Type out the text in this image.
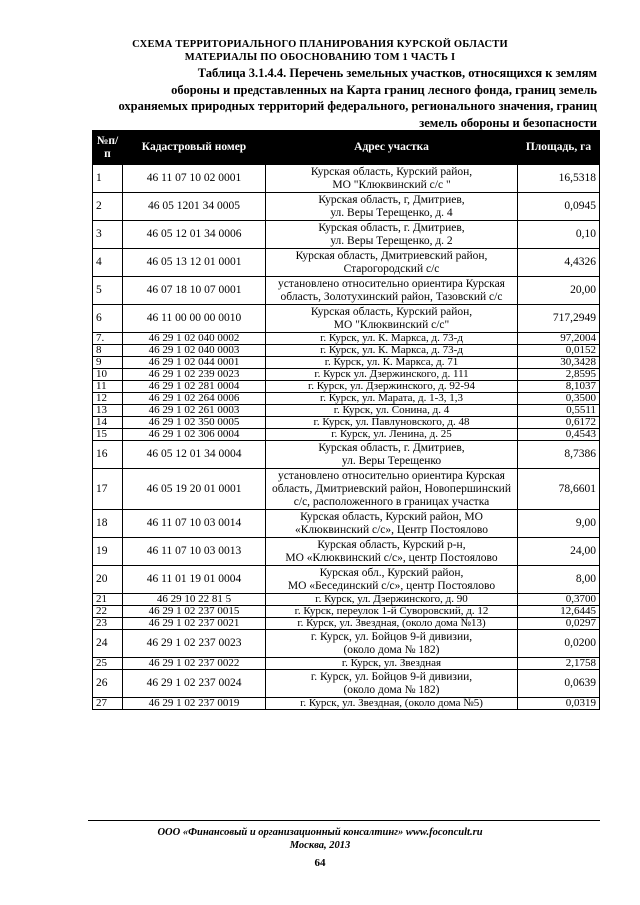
СХЕМА ТЕРРИТОРИАЛЬНОГО ПЛАНИРОВАНИЯ КУРСКОЙ ОБЛАСТИ
МАТЕРИАЛЫ ПО ОБОСНОВАНИЮ ТОМ 1 ЧАСТЬ I
Таблица 3.1.4.4. Перечень земельных участков, относящихся к землям
обороны и представленных на Карта границ лесного фонда, границ земель
охраняемых природных территорий федерального, регионального значения, границ
земель обороны и безопасности
№п/п	Кадастровый номер	Адрес участка	Площадь, га
1	46 11 07 10 02 0001	Курская область, Курский район,
МО "Клюквинский с/с "	16,5318
2	46 05 1201 34 0005	Курская область, г, Дмитриев,
ул. Веры Терещенко, д. 4	0,0945
3	46 05 12 01 34 0006	Курская область, г. Дмитриев,
ул. Веры Терещенко, д. 2	0,10
4	46 05 13 12 01 0001	Курская область, Дмитриевский район,
Старогородский с/с	4,4326
5	46 07 18 10 07 0001	установлено относительно ориентира Курская
область, Золотухинский район, Тазовский с/с	20,00
6	46 11 00 00 00 0010	Курская область, Курский район,
МО "Клюквинский с/с"	717,2949
7.	46 29 1 02 040 0002	г. Курск, ул. К. Маркса, д. 73-д	97,2004
8	46 29 1 02 040 0003	г. Курск, ул. К. Маркса, д. 73-д	0,0152
9	46 29 1 02 044 0001	г. Курск, ул. К. Маркса, д. 71	30,3428
10	46 29 1 02 239 0023	г. Курск ул. Дзержинского, д. 111	2,8595
11	46 29 1 02 281 0004	г. Курск, ул. Дзержинского, д. 92-94	8,1037
12	46 29 1 02 264 0006	г. Курск, ул. Марата, д. 1-3, 1,3	0,3500
13	46 29 1 02 261 0003	г. Курск, ул. Сонина, д. 4	0,5511
14	46 29 1 02 350 0005	г. Курск, ул. Павлуновского, д. 48	0,6172
15	46 29 1 02 306 0004	г. Курск, ул. Ленина, д. 25	0,4543
16	46 05 12 01 34 0004	Курская область, г. Дмитриев,
ул. Веры Терещенко	8,7386
17	46 05 19 20 01 0001	установлено относительно ориентира Курская
область, Дмитриевский район, Новопершинский
с/с, расположенного в границах участка	78,6601
18	46 11 07 10 03 0014	Курская область, Курский район, МО
«Клюквинский с/с», Центр Постоялово	9,00
19	46 11 07 10 03 0013	Курская область, Курский р-н,
МО «Клюквинский с/с», центр Постоялово	24,00
20	46 11 01 19 01 0004	Курская обл., Курский район,
МО «Бесединский с/с», центр Постоялово	8,00
21	46 29 10 22 81 5	г. Курск, ул. Дзержинского, д. 90	0,3700
22	46 29 1 02 237 0015	г. Курск, переулок 1-й Суворовский, д. 12	12,6445
23	46 29 1 02 237 0021	г. Курск, ул. Звездная, (около дома №13)	0,0297
24	46 29 1 02 237 0023	г. Курск, ул. Бойцов 9-й дивизии,
(около дома № 182)	0,0200
25	46 29 1 02 237 0022	г. Курск, ул. Звездная	2,1758
26	46 29 1 02 237 0024	г. Курск, ул. Бойцов 9-й дивизии,
(около дома № 182)	0,0639
27	46 29 1 02 237 0019	г. Курск, ул. Звездная, (около дома №5)	0,0319
ООО «Финансовый и организационный консалтинг» www.foconcult.ru
Москва, 2013
64
